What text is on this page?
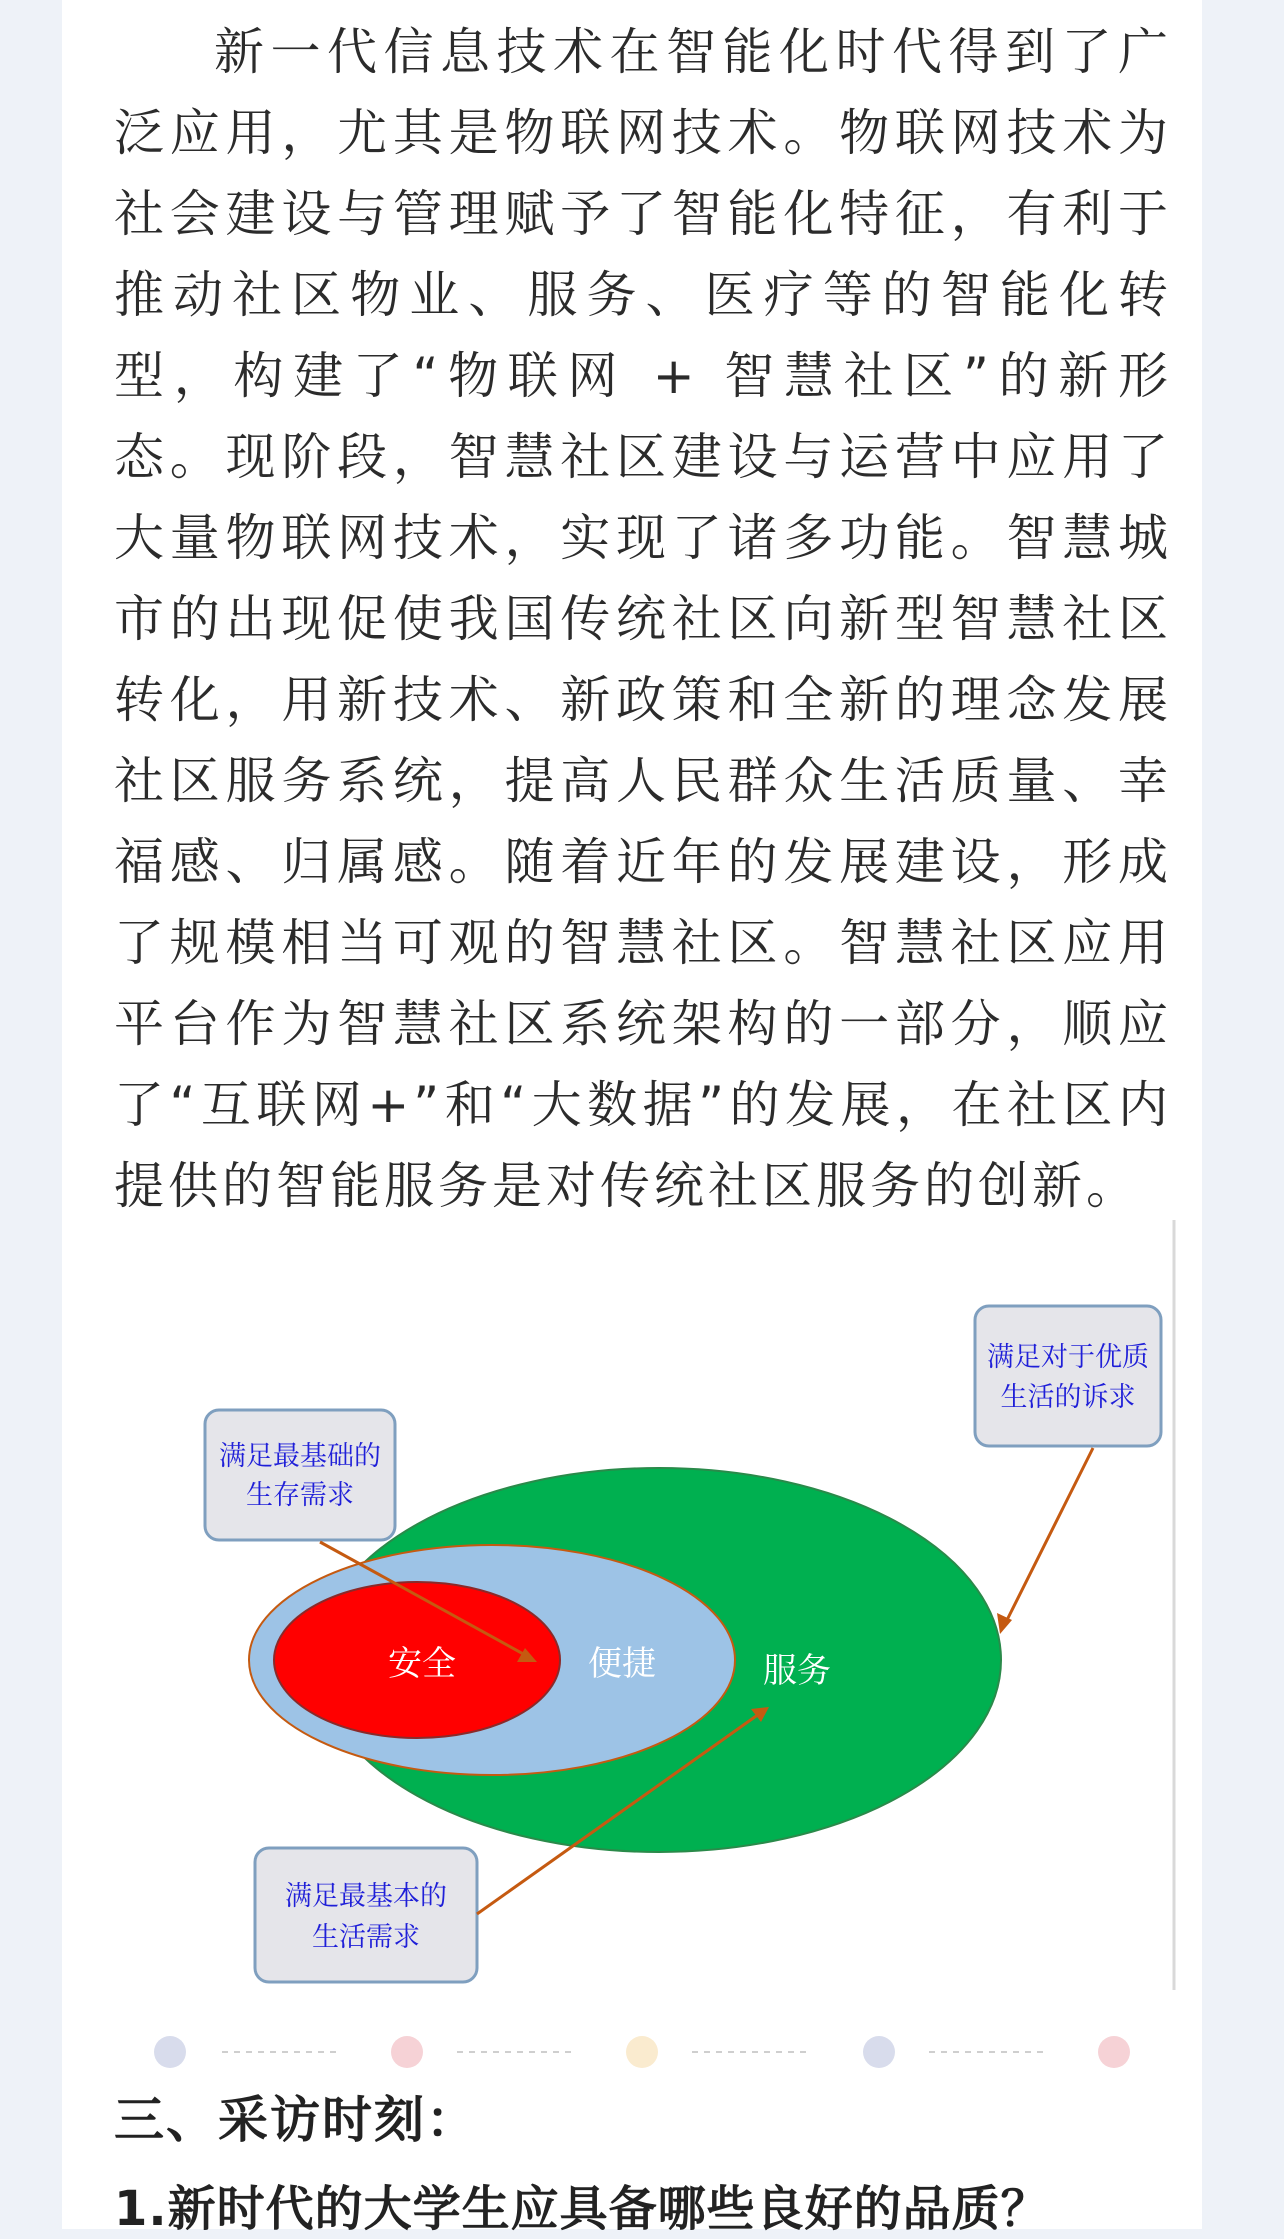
新一代信息技术在智能化时代得到了广泛应用，尤其是物联网技术。物联网技术为社会建设与管理赋予了智能化特征，有利于推动社区物业、服务、医疗等的智能化转型，构建了“物联网 + 智慧社区”的新形态。现阶段，智慧社区建设与运营中应用了大量物联网技术，实现了诸多功能。智慧城市的出现促使我国传统社区向新型智慧社区转化，用新技术、新政策和全新的理念发展社区服务系统，提高人民群众生活质量、幸福感、归属感。随着近年的发展建设，形成了规模相当可观的智慧社区。智慧社区应用平台作为智慧社区系统架构的一部分，顺应了“互联网+”和“大数据”的发展，在社区内提供的智能服务是对传统社区服务的创新。

安全	便捷	服务
满足最基础的
生存需求
满足对于优质
生活的诉求
满足最基本的
生活需求
三、采访时刻：
1.新时代的大学生应具备哪些良好的品质？
